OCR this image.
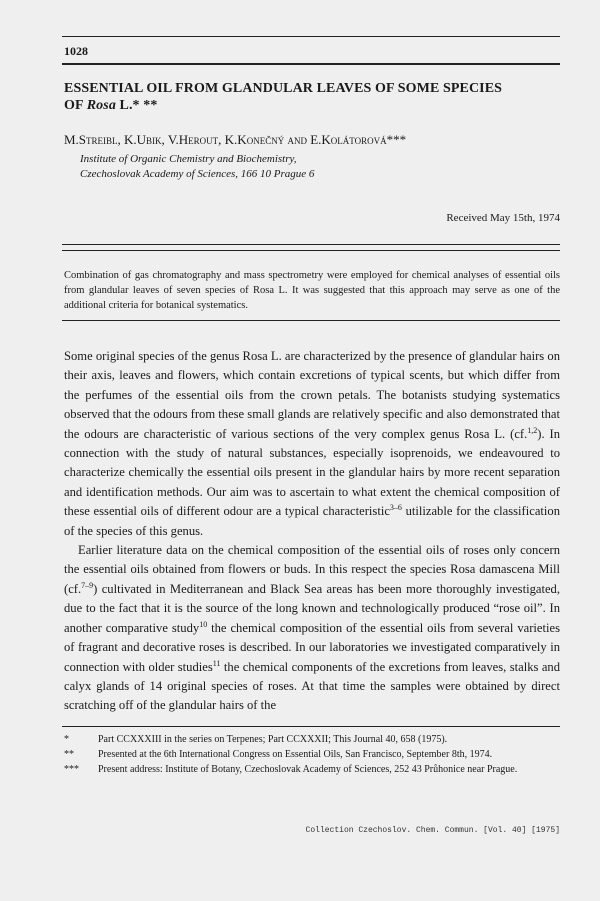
1028
ESSENTIAL OIL FROM GLANDULAR LEAVES OF SOME SPECIES
OF Rosa L.* **
M.Streibl, K.Ubik, V.Herout, K.Konečný and E.Kolátorová***
Institute of Organic Chemistry and Biochemistry,
Czechoslovak Academy of Sciences, 166 10 Prague 6
Received May 15th, 1974

Combination of gas chromatography and mass spectrometry were employed for chemical analyses of essential oils from glandular leaves of seven species of Rosa L. It was suggested that this approach may serve as one of the additional criteria for botanical systematics.

Some original species of the genus Rosa L. are characterized by the presence of glandular hairs on their axis, leaves and flowers, which contain excretions of typical scents, but which differ from the perfumes of the essential oils from the crown petals. The botanists studying systematics observed that the odours from these small glands are relatively specific and also demonstrated that the odours are characteristic of various sections of the very complex genus Rosa L. (cf.$^{1,2}$). In connection with the study of natural substances, especially isoprenoids, we endeavoured to characterize chemically the essential oils present in the glandular hairs by more recent separation and identification methods. Our aim was to ascertain to what extent the chemical composition of these essential oils of different odour are a typical characteristic$^{3-6}$ utilizable for the classification of the species of this genus.

Earlier literature data on the chemical composition of the essential oils of roses only concern the essential oils obtained from flowers or buds. In this respect the species Rosa damascena Mill (cf.$^{7-9}$) cultivated in Mediterranean and Black Sea areas has been more thoroughly investigated, due to the fact that it is the source of the long known and technologically produced “rose oil”. In another comparative study$^{10}$ the chemical composition of the essential oils from several varieties of fragrant and decorative roses is described. In our laboratories we investigated comparatively in connection with older studies$^{11}$ the chemical components of the excretions from leaves, stalks and calyx glands of 14 original species of roses. At that time the samples were obtained by direct scratching off of the glandular hairs of the

*	Part CCXXXIII in the series on Terpenes; Part CCXXXII; This Journal 40, 658 (1975).
**	Presented at the 6th International Congress on Essential Oils, San Francisco, September 8th, 1974.
***	Present address: Institute of Botany, Czechoslovak Academy of Sciences, 252 43 Průhonice near Prague.
Collection Czechoslov. Chem. Commun. [Vol. 40] [1975]
